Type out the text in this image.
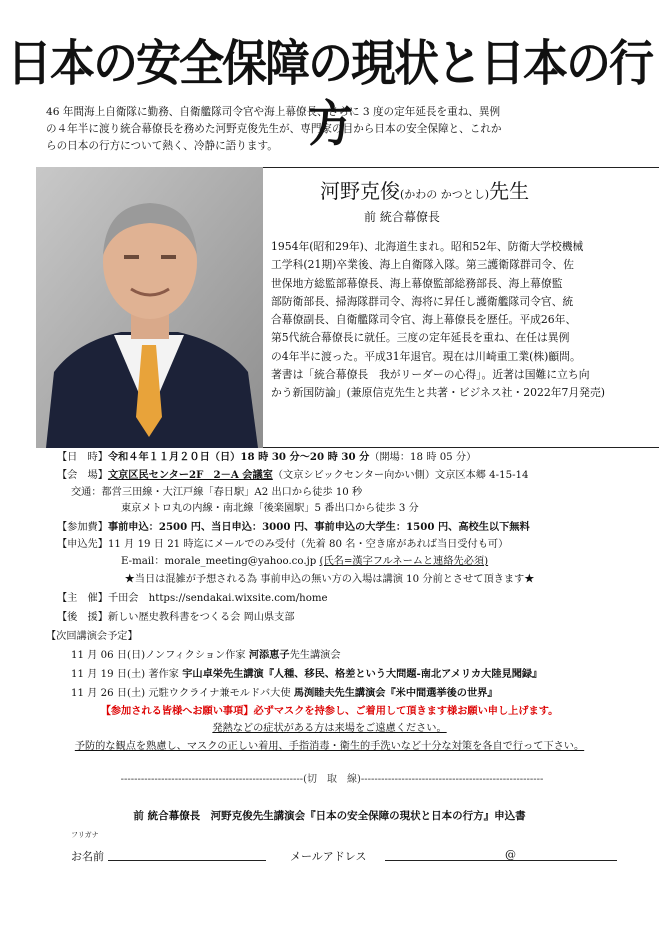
日本の安全保障の現状と日本の行方
46 年間海上自衛隊に勤務、自衛艦隊司令官や海上幕僚長、さらに 3 度の定年延長を重ね、異例
の４年半に渡り統合幕僚長を務めた河野克俊先生が、専門家の目から日本の安全保障と、これか
らの日本の行方について熱く、冷静に語ります。
河野克俊(かわの かつとし)先生
前 統合幕僚長
1954年(昭和29年)、北海道生まれ。昭和52年、防衛大学校機械
工学科(21期)卒業後、海上自衛隊入隊。第三護衛隊群司令、佐
世保地方総監部幕僚長、海上幕僚監部総務部長、海上幕僚監
部防衛部長、掃海隊群司令、海将に昇任し護衛艦隊司令官、統
合幕僚副長、自衛艦隊司令官、海上幕僚長を歴任。平成26年、
第5代統合幕僚長に就任。三度の定年延長を重ね、在任は異例
の4年半に渡った。平成31年退官。現在は川崎重工業(株)顧問。
著書は「統合幕僚長　我がリーダーの心得」。近著は国難に立ち向
かう新国防論」(兼原信克先生と共著・ビジネス社・2022年7月発売)
【日　時】令和４年１１月２０日（日）18 時 30 分～20 時 30 分（開場：18 時 05 分）
【会　場】文京区民センター2F　2－A 会議室（文京シビックセンター向かい側）文京区本郷 4-15-14
交通：都営三田線・大江戸線「春日駅」A2 出口から徒歩 10 秒
東京メトロ丸の内線・南北線「後楽園駅」5 番出口から徒歩 3 分
【参加費】事前申込：2500 円、当日申込：3000 円、事前申込の大学生：1500 円、高校生以下無料
【申込先】11 月 19 日 21 時迄にメールでのみ受付（先着 80 名・空き席があれば当日受付も可）
E-mail：morale_meeting@yahoo.co.jp (氏名=漢字フルネームと連絡先必須)
★当日は混雑が予想される為 事前申込の無い方の入場は講演 10 分前とさせて頂きます★
【主　催】千田会　https://sendakai.wixsite.com/home
【後　援】新しい歴史教科書をつくる会 岡山県支部
【次回講演会予定】
11 月 06 日(日)ノンフィクション作家 河添恵子先生講演会
11 月 19 日(土) 著作家 宇山卓栄先生講演『人種、移民、格差という大問題-南北アメリカ大陸見聞録』
11 月 26 日(土) 元駐ウクライナ兼モルドバ大使 馬渕睦夫先生講演会『米中間選挙後の世界』
【参加される皆様へお願い事項】必ずマスクを持参し、ご着用して頂きます様お願い申し上げます。
発熱などの症状がある方は来場をご遠慮ください。
予防的な観点を熟慮し、マスクの正しい着用、手指消毒・衛生的手洗いなど十分な対策を各自で行って下さい。
------------------------------------------------------(切　取　線)------------------------------------------------------
前 統合幕僚長　河野克俊先生講演会『日本の安全保障の現状と日本の行方』申込書
フリガナ
お名前	メールアドレス	@
